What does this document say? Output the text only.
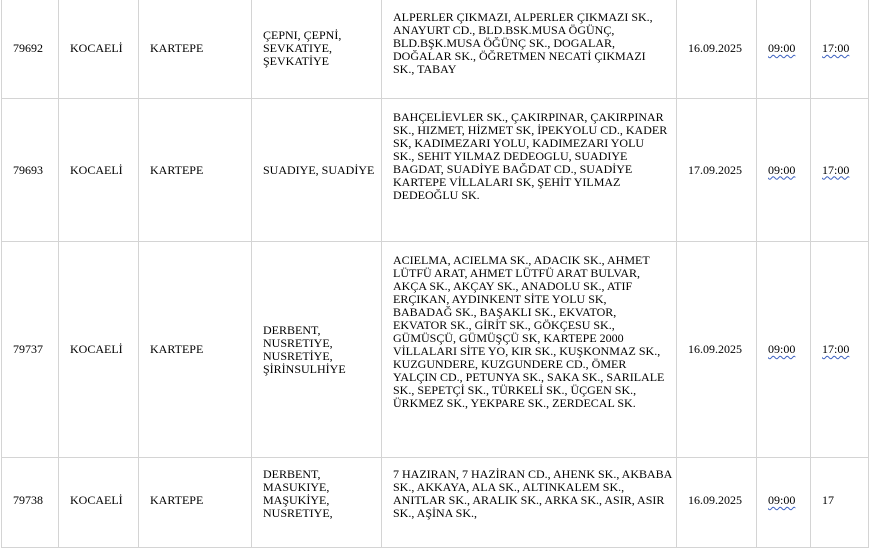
79692	KOCAELİ	KARTEPE	ÇEPNI, ÇEPNİ, SEVKATIYE, ŞEVKATİYE	ALPERLER ÇIKMAZI, ALPERLER ÇIKMAZI SK., ANAYURT CD., BLD.BSK.MUSA ÖGÜNÇ, BLD.BŞK.MUSA ÖĞÜNÇ SK., DOGALAR, DOĞALAR SK., ÖĞRETMEN NECATİ ÇIKMAZI SK., TABAY	16.09.2025	09:00	17:00
79693	KOCAELİ	KARTEPE	SUADIYE, SUADİYE	BAHÇELİEVLER SK., ÇAKIRPINAR, ÇAKIRPINAR SK., HIZMET, HİZMET SK, İPEKYOLU CD., KADER SK, KADIMEZARI YOLU, KADIMEZARI YOLU SK., SEHIT YILMAZ DEDEOGLU, SUADIYE BAGDAT, SUADİYE BAĞDAT CD., SUADİYE KARTEPE VİLLALARI SK, ŞEHİT YILMAZ DEDEOĞLU SK.	17.09.2025	09:00	17:00
79737	KOCAELİ	KARTEPE	DERBENT, NUSRETIYE, NUSRETİYE, ŞİRİNSULHİYE	ACIELMA, ACIELMA SK., ADACIK SK., AHMET LÜTFÜ ARAT, AHMET LÜTFÜ ARAT BULVAR, AKÇA SK., AKÇAY SK., ANADOLU SK., ATIF ERÇIKAN, AYDINKENT SİTE YOLU SK, BABADAĞ SK., BAŞAKLI SK., EKVATOR, EKVATOR SK., GİRİT SK., GÖKÇESU SK., GÜMÜSÇÜ, GÜMÜŞÇÜ SK, KARTEPE 2000 VİLLALARI SİTE YO, KIR SK., KUŞKONMAZ SK., KUZGUNDERE, KUZGUNDERE CD., ÖMER YALÇIN CD., PETUNYA SK., SAKA SK., SARILALE SK., SEPETÇİ SK., TÜRKELİ SK., ÜÇGEN SK., ÜRKMEZ SK., YEKPARE SK., ZERDECAL SK.	16.09.2025	09:00	17:00
79738	KOCAELİ	KARTEPE	DERBENT, MASUKIYE, MAŞUKİYE, NUSRETIYE,	7 HAZIRAN, 7 HAZİRAN CD., AHENK SK., AKBABA SK., AKKAYA, ALA SK., ALTINKALEM SK., ANITLAR SK., ARALIK SK., ARKA SK., ASIR, ASIR SK., AŞİNA SK.,	16.09.2025	09:00	17
